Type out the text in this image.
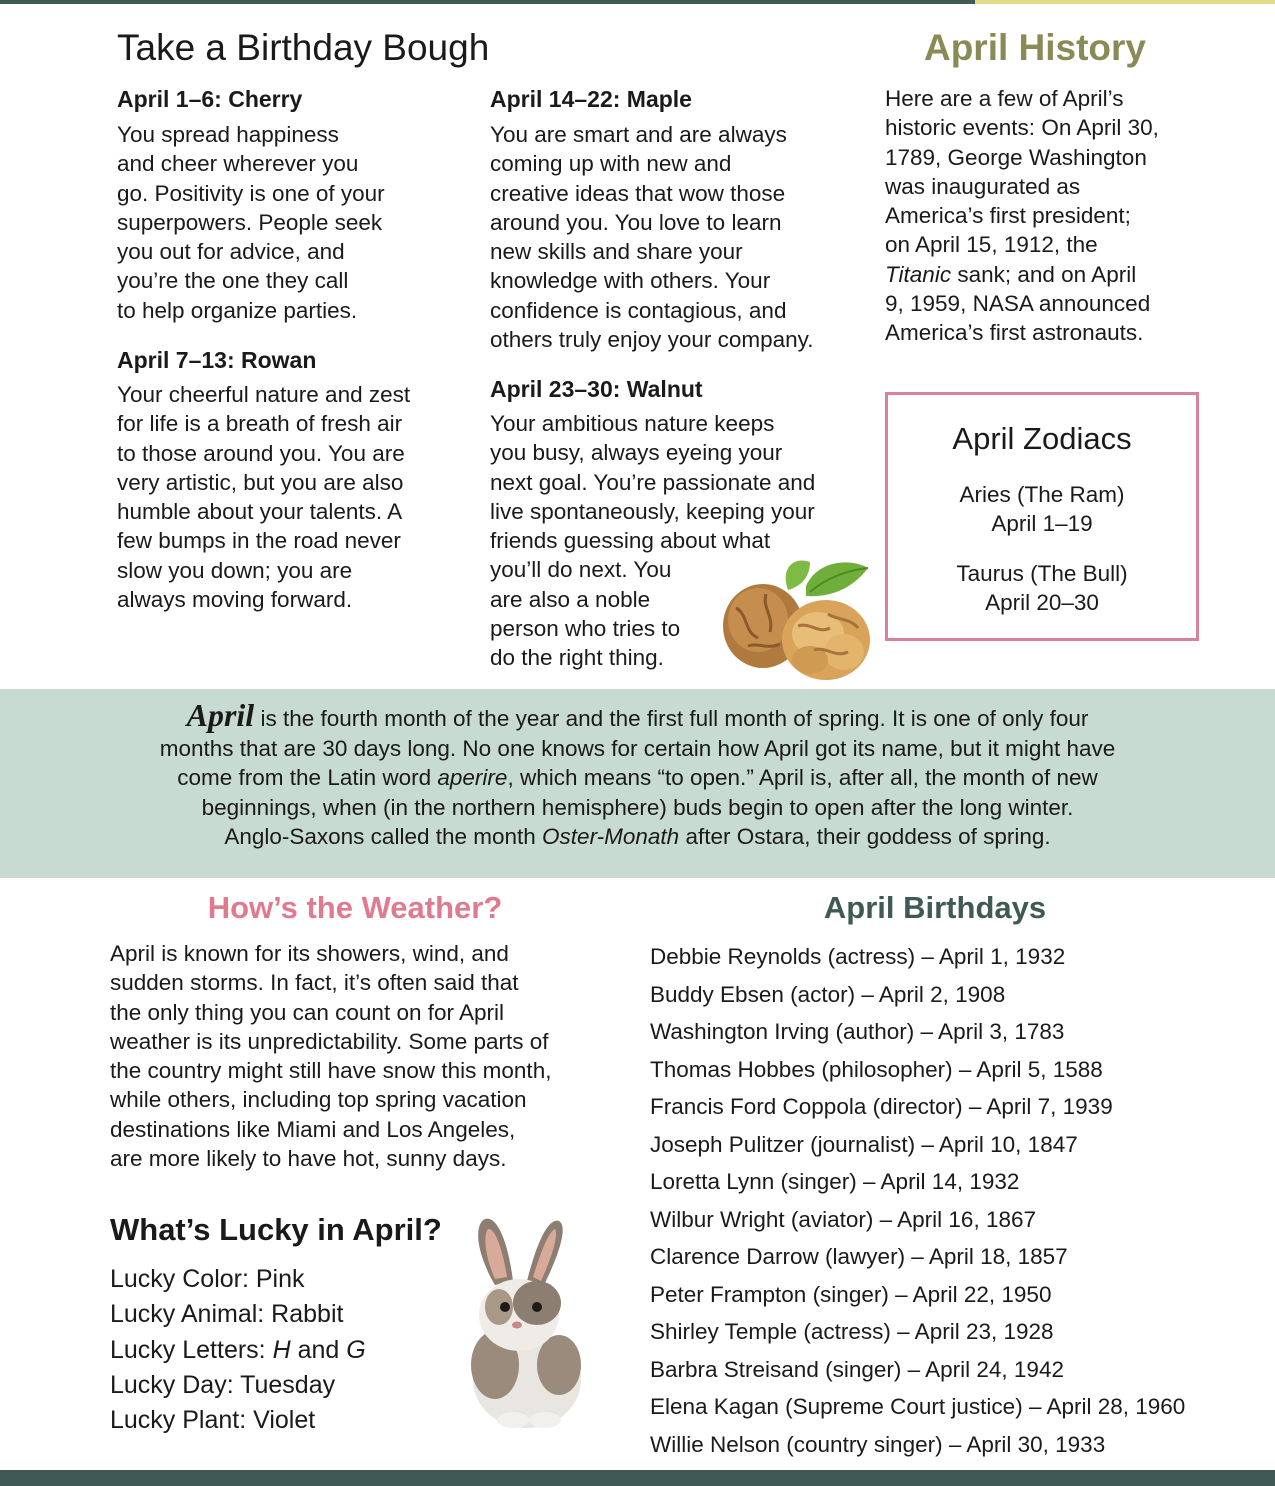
Take a Birthday Bough
April 1–6: Cherry
You spread happiness
and cheer wherever you
go. Positivity is one of your
superpowers. People seek
you out for advice, and
you’re the one they call
to help organize parties.
April 7–13: Rowan
Your cheerful nature and zest
for life is a breath of fresh air
to those around you. You are
very artistic, but you are also
humble about your talents. A
few bumps in the road never
slow you down; you are
always moving forward.
April 14–22: Maple
You are smart and are always
coming up with new and
creative ideas that wow those
around you. You love to learn
new skills and share your
knowledge with others. Your
confidence is contagious, and
others truly enjoy your company.
April 23–30: Walnut
Your ambitious nature keeps
you busy, always eyeing your
next goal. You’re passionate and
live spontaneously, keeping your
friends guessing about what
you’ll do next. You
are also a noble
person who tries to
do the right thing.
April History
Here are a few of April’s
historic events: On April 30,
1789, George Washington
was inaugurated as
America’s first president;
on April 15, 1912, the
Titanic sank; and on April
9, 1959, NASA announced
America’s first astronauts.
April Zodiacs
Aries (The Ram)
April 1–19
Taurus (The Bull)
April 20–30
April is the fourth month of the year and the first full month of spring. It is one of only four
months that are 30 days long. No one knows for certain how April got its name, but it might have
come from the Latin word aperire, which means “to open.” April is, after all, the month of new
beginnings, when (in the northern hemisphere) buds begin to open after the long winter.
Anglo-Saxons called the month Oster-Monath after Ostara, their goddess of spring.
How’s the Weather?
April is known for its showers, wind, and
sudden storms. In fact, it’s often said that
the only thing you can count on for April
weather is its unpredictability. Some parts of
the country might still have snow this month,
while others, including top spring vacation
destinations like Miami and Los Angeles,
are more likely to have hot, sunny days.
What’s Lucky in April?
Lucky Color: Pink
Lucky Animal: Rabbit
Lucky Letters: H and G
Lucky Day: Tuesday
Lucky Plant: Violet
April Birthdays
Debbie Reynolds (actress) – April 1, 1932
Buddy Ebsen (actor) – April 2, 1908
Washington Irving (author) – April 3, 1783
Thomas Hobbes (philosopher) – April 5, 1588
Francis Ford Coppola (director) – April 7, 1939
Joseph Pulitzer (journalist) – April 10, 1847
Loretta Lynn (singer) – April 14, 1932
Wilbur Wright (aviator) – April 16, 1867
Clarence Darrow (lawyer) – April 18, 1857
Peter Frampton (singer) – April 22, 1950
Shirley Temple (actress) – April 23, 1928
Barbra Streisand (singer) – April 24, 1942
Elena Kagan (Supreme Court justice) – April 28, 1960
Willie Nelson (country singer) – April 30, 1933
